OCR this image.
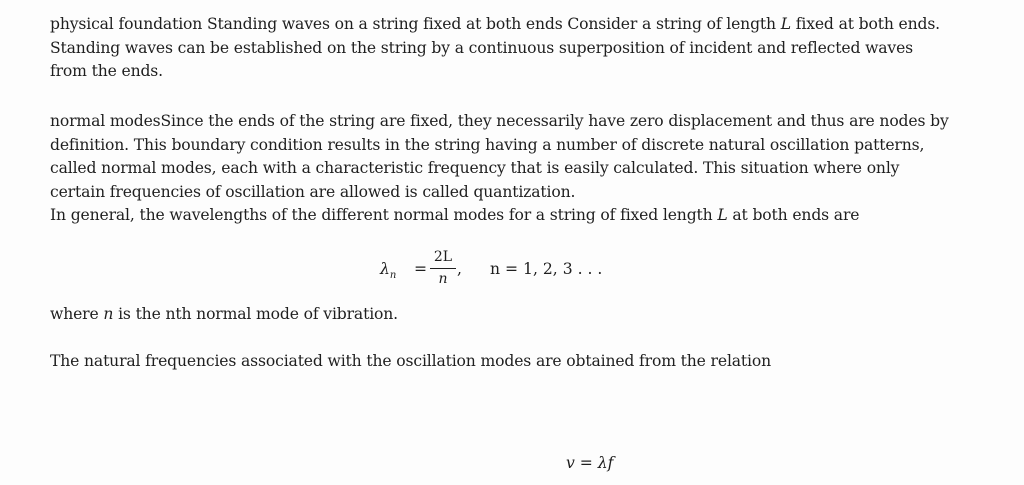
physical foundation Standing waves on a string fixed at both ends Consider a string of length L fixed at both ends. Standing waves can be established on the string by a continuous superposition of incident and reflected waves from the ends.

normal modesSince the ends of the string are fixed, they necessarily have zero displacement and thus are nodes by definition. This boundary condition results in the string having a number of discrete natural oscillation patterns, called normal modes, each with a characteristic frequency that is easily calculated. This situation where only certain frequencies of oscillation are allowed is called quantization.
In general, the wavelengths of the different normal modes for a string of fixed length L at both ends are

$\lambda_n$ =
2L
n
, n = 1, 2, 3 . . .

where n is the nth normal mode of vibration.

The natural frequencies associated with the oscillation modes are obtained from the relation

v = λf
